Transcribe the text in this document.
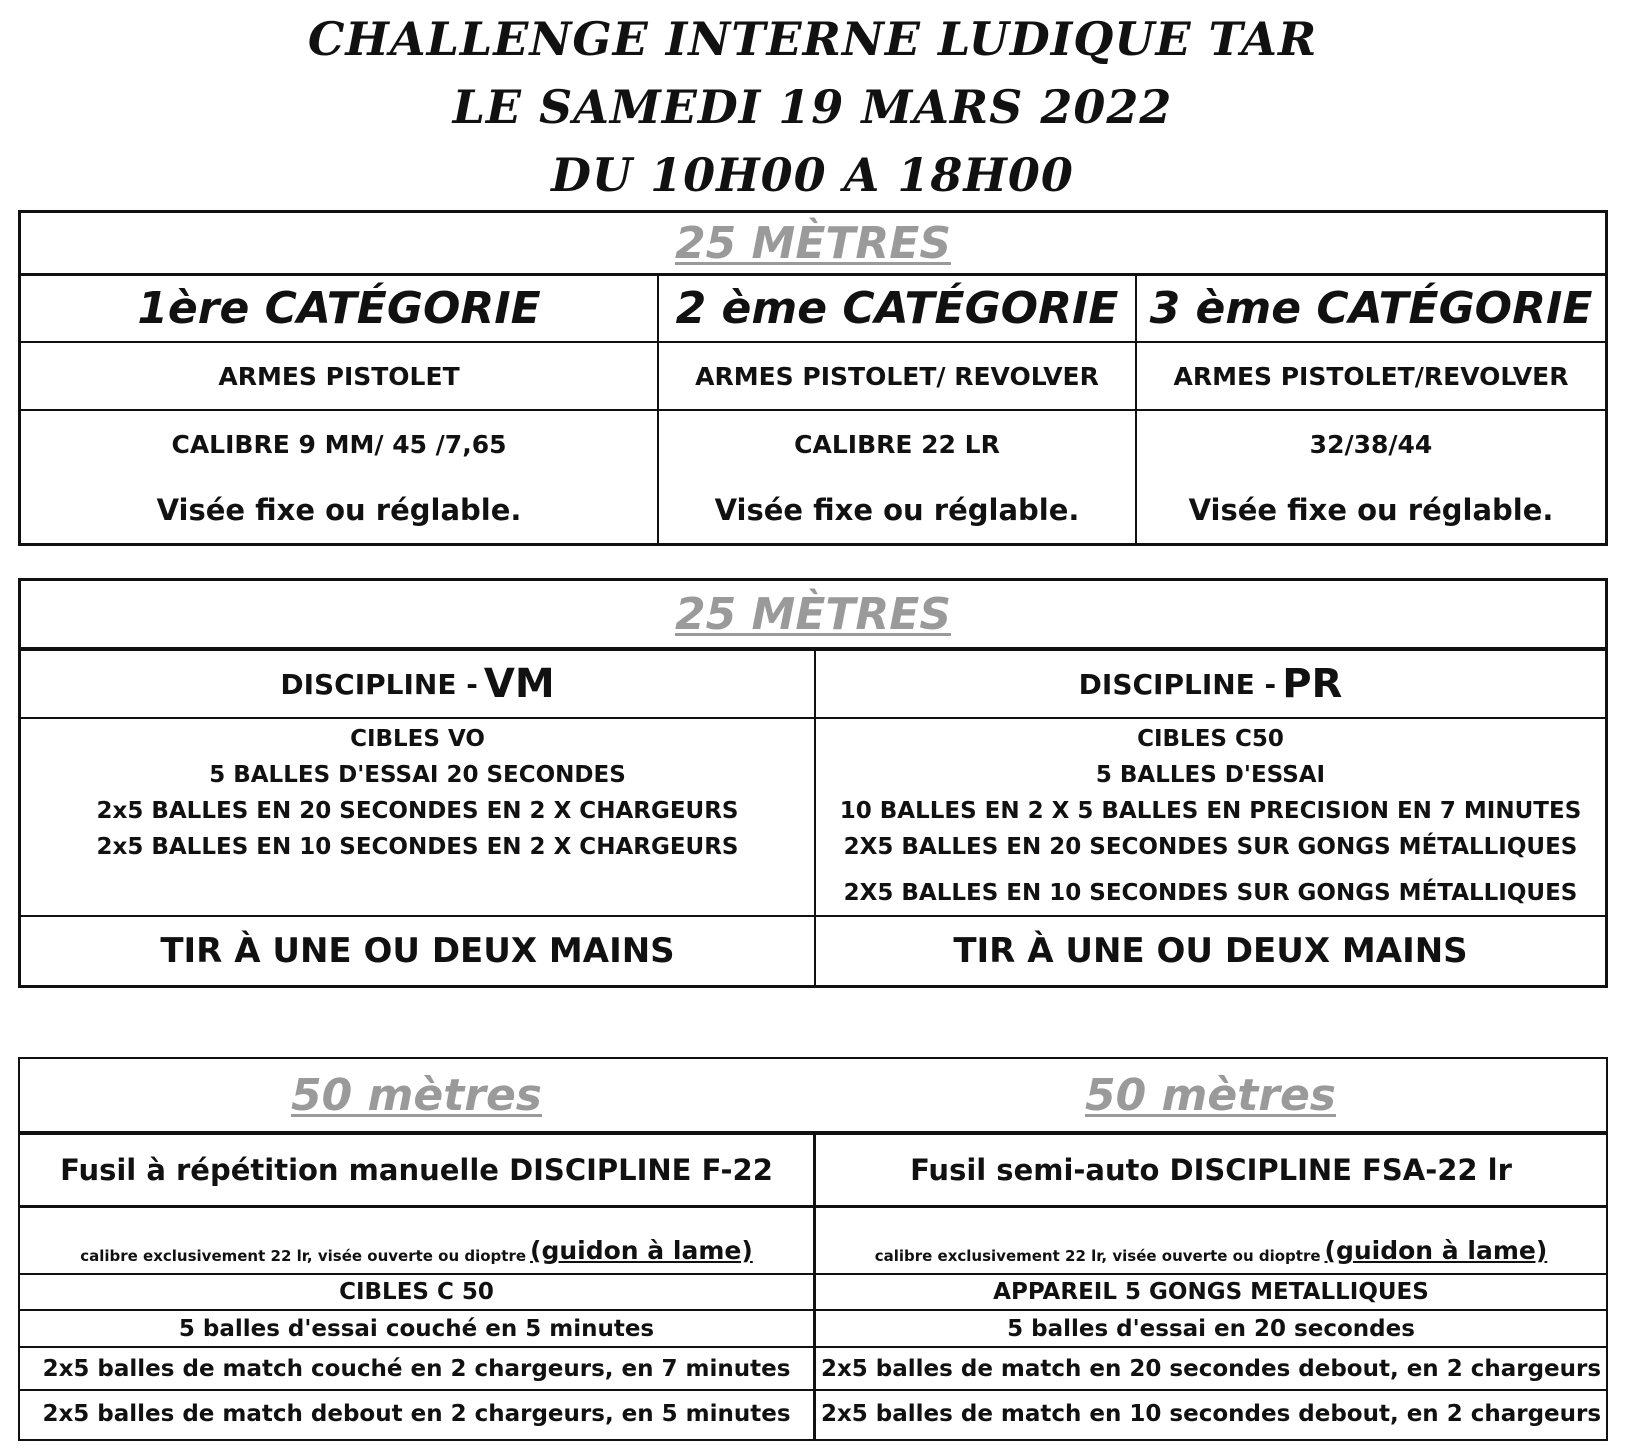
CHALLENGE INTERNE LUDIQUE TAR
LE SAMEDI 19 MARS 2022
DU 10H00 A 18H00
25 MÈTRES
1ère CATÉGORIE
ARMES PISTOLET
CALIBRE 9 MM/ 45 /7,65
Visée fixe ou réglable.
2 ème CATÉGORIE
ARMES PISTOLET/ REVOLVER
CALIBRE 22 LR
Visée fixe ou réglable.
3 ème CATÉGORIE
ARMES PISTOLET/REVOLVER
32/38/44
Visée fixe ou réglable.
25 MÈTRES
DISCIPLINE - VM
CIBLES VO
5 BALLES D'ESSAI 20 SECONDES
2x5 BALLES EN 20 SECONDES EN 2 X CHARGEURS
2x5 BALLES EN 10 SECONDES EN 2 X CHARGEURS
TIR À UNE OU DEUX MAINS
DISCIPLINE - PR
CIBLES C50
5 BALLES D'ESSAI
10 BALLES EN 2 X 5 BALLES EN PRECISION EN 7 MINUTES
2X5 BALLES EN 20 SECONDES SUR GONGS MÉTALLIQUES
2X5 BALLES EN 10 SECONDES SUR GONGS MÉTALLIQUES
TIR À UNE OU DEUX MAINS
50 mètres	50 mètres
Fusil à répétition manuelle DISCIPLINE F-22
calibre exclusivement 22 lr, visée ouverte ou dioptre (guidon à lame)
CIBLES C 50
5 balles d'essai couché en 5 minutes
2x5 balles de match couché en 2 chargeurs, en 7 minutes
2x5 balles de match debout en 2 chargeurs, en 5 minutes
Fusil semi-auto DISCIPLINE FSA-22 lr
calibre exclusivement 22 lr, visée ouverte ou dioptre (guidon à lame)
APPAREIL 5 GONGS METALLIQUES
5 balles d'essai en 20 secondes
2x5 balles de match en 20 secondes debout, en 2 chargeurs
2x5 balles de match en 10 secondes debout, en 2 chargeurs
